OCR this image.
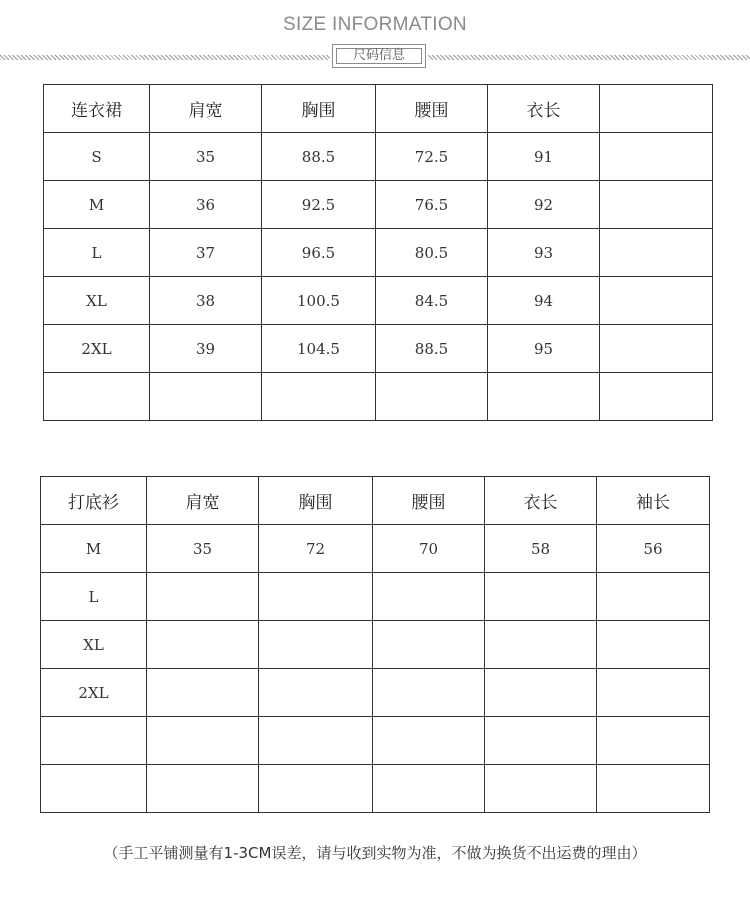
SIZE INFORMATION
尺码信息
连衣裙	肩宽	胸围	腰围	衣长	
S	35	88.5	72.5	91	
M	36	92.5	76.5	92	
L	37	96.5	80.5	93	
XL	38	100.5	84.5	94	
2XL	39	104.5	88.5	95	

打底衫	肩宽	胸围	腰围	衣长	袖长
M	35	72	70	58	56
L					
XL					
2XL					

（手工平铺测量有1-3CM误差，请与收到实物为准，不做为换货不出运费的理由）
